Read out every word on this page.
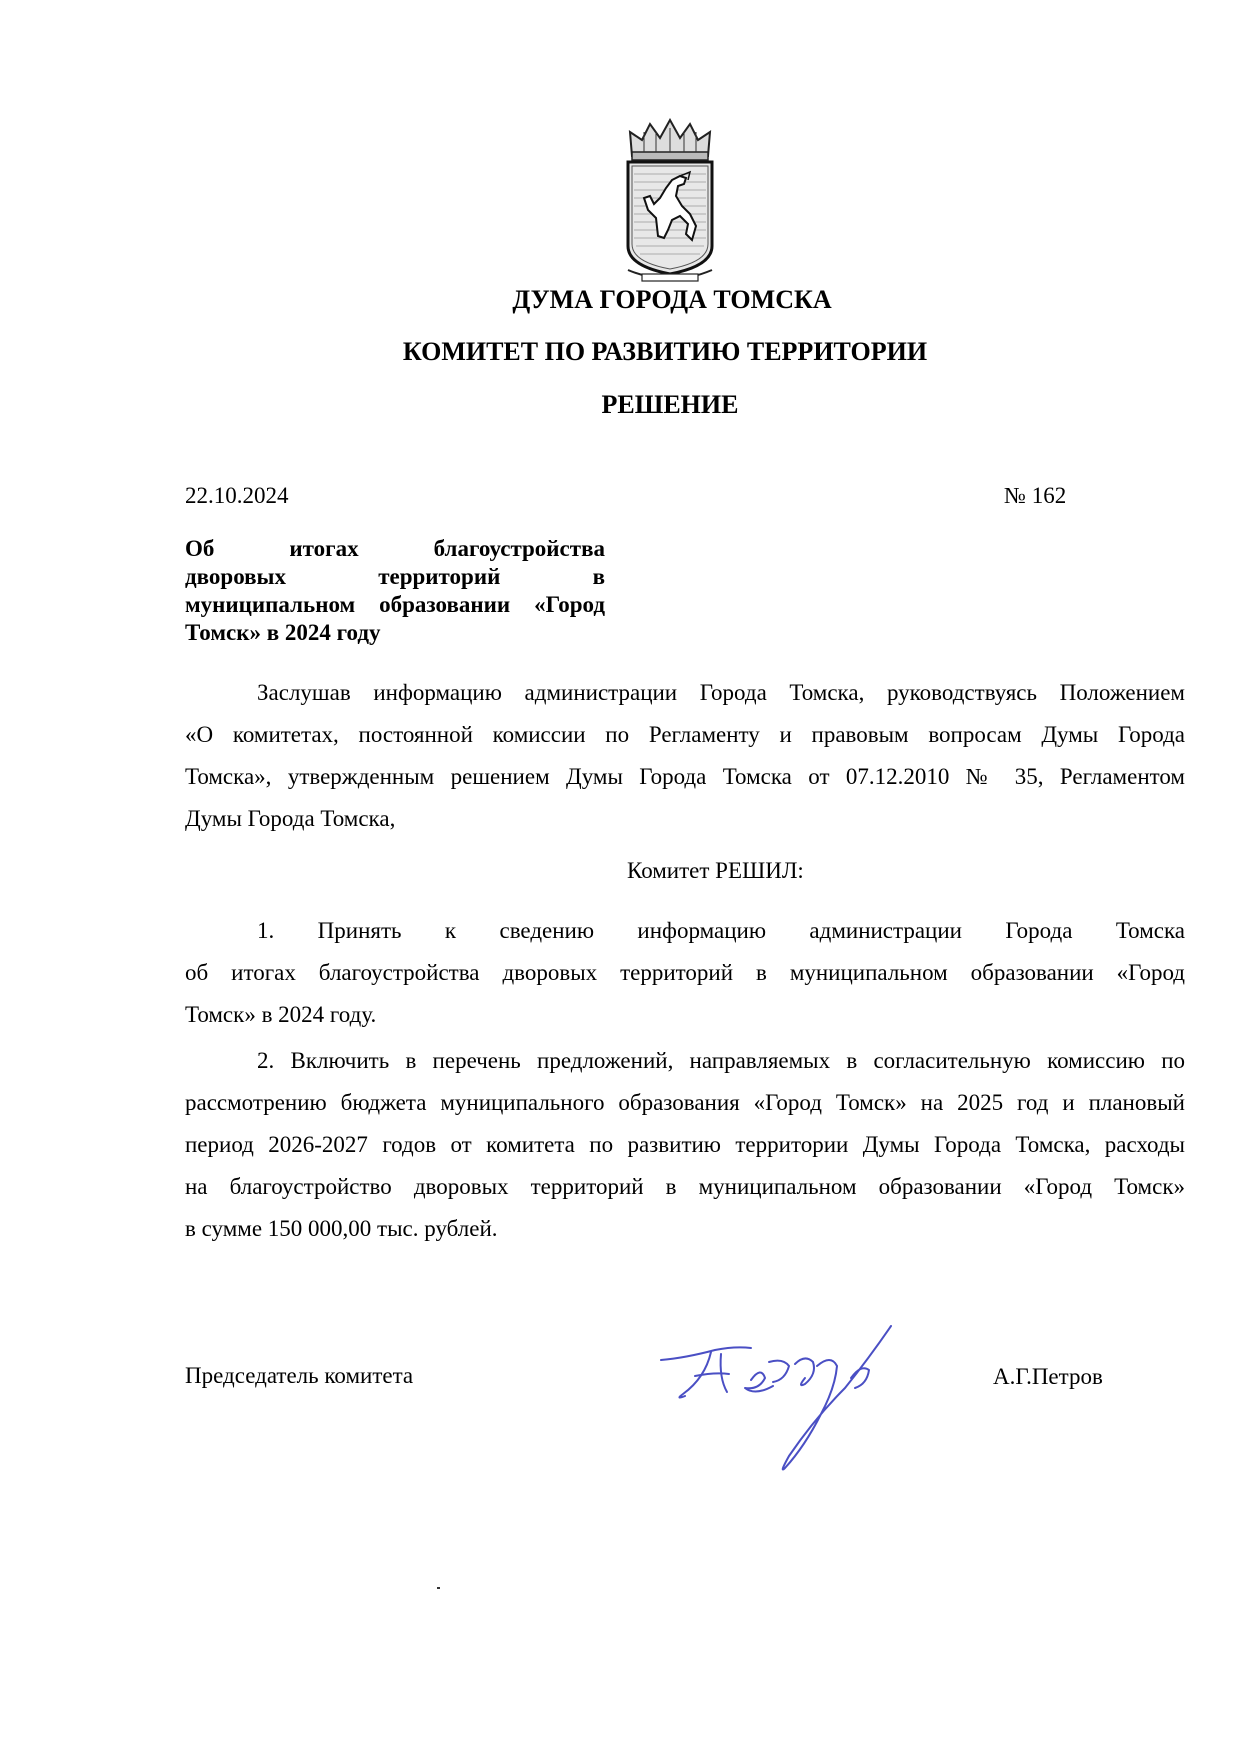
ДУМА ГОРОДА ТОМСКА
КОМИТЕТ ПО РАЗВИТИЮ ТЕРРИТОРИИ
РЕШЕНИЕ
22.10.2024	№ 162
Об итогах благоустройства
дворовых территорий в
муниципальном образовании «Город
Томск» в 2024 году
Заслушав информацию администрации Города Томска, руководствуясь Положением
«О комитетах, постоянной комиссии по Регламенту и правовым вопросам Думы Города
Томска», утвержденным решением Думы Города Томска от 07.12.2010 № 35, Регламентом
Думы Города Томска,
Комитет РЕШИЛ:
1. Принять к сведению информацию администрации Города Томска
об итогах благоустройства дворовых территорий в муниципальном образовании «Город
Томск» в 2024 году.
2. Включить в перечень предложений, направляемых в согласительную комиссию по
рассмотрению бюджета муниципального образования «Город Томск» на 2025 год и плановый
период 2026-2027 годов от комитета по развитию территории Думы Города Томска, расходы
на благоустройство дворовых территорий в муниципальном образовании «Город Томск»
в сумме 150 000,00 тыс. рублей.
Председатель комитета	А.Г.Петров
